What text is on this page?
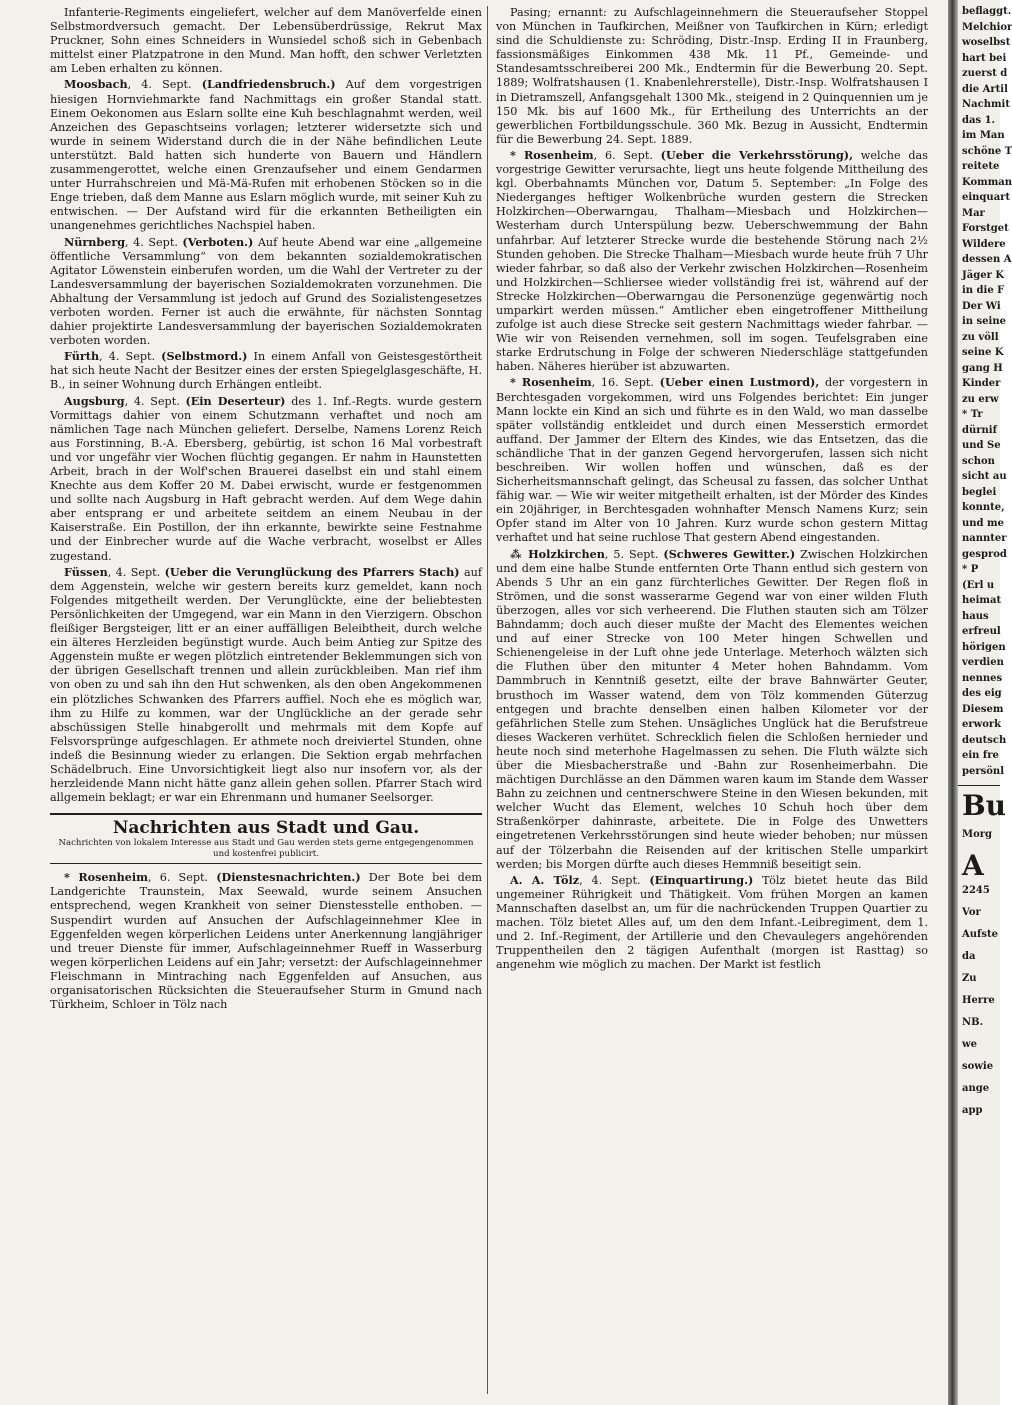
Infanterie-Regiments eingeliefert, welcher auf dem Manöverfelde einen Selbstmordversuch gemacht. Der Lebensüberdrüssige, Rekrut Max Pruckner, Sohn eines Schneiders in Wunsiedel schoß sich in Gebenbach mittelst einer Platzpatrone in den Mund. Man hofft, den schwer Verletzten am Leben erhalten zu können.

Moosbach, 4. Sept. (Landfriedensbruch.) Auf dem vorgestrigen hiesigen Hornviehmarkte fand Nachmittags ein großer Standal statt. Einem Oekonomen aus Eslarn sollte eine Kuh beschlagnahmt werden, weil Anzeichen des Gepaschtseins vorlagen; letzterer widersetzte sich und wurde in seinem Widerstand durch die in der Nähe befindlichen Leute unterstützt. Bald hatten sich hunderte von Bauern und Händlern zusammengerottet, welche einen Grenzaufseher und einem Gendarmen unter Hurrahschreien und Mä-Mä-Rufen mit erhobenen Stöcken so in die Enge trieben, daß dem Manne aus Eslarn möglich wurde, mit seiner Kuh zu entwischen. — Der Aufstand wird für die erkannten Betheiligten ein unangenehmes gerichtliches Nachspiel haben.

Nürnberg, 4. Sept. (Verboten.) Auf heute Abend war eine „allgemeine öffentliche Versammlung“ von dem bekannten sozialdemokratischen Agitator Löwenstein einberufen worden, um die Wahl der Vertreter zu der Landesversammlung der bayerischen Sozialdemokraten vorzunehmen. Die Abhaltung der Versammlung ist jedoch auf Grund des Sozialistengesetzes verboten worden. Ferner ist auch die erwähnte, für nächsten Sonntag dahier projektirte Landesversammlung der bayerischen Sozialdemokraten verboten worden.

Fürth, 4. Sept. (Selbstmord.) In einem Anfall von Geistesgestörtheit hat sich heute Nacht der Besitzer eines der ersten Spiegelglasgeschäfte, H. B., in seiner Wohnung durch Erhängen entleibt.

Augsburg, 4. Sept. (Ein Deserteur) des 1. Inf.-Regts. wurde gestern Vormittags dahier von einem Schutzmann verhaftet und noch am nämlichen Tage nach München geliefert. Derselbe, Namens Lorenz Reich aus Forstinning, B.-A. Ebersberg, gebürtig, ist schon 16 Mal vorbestraft und vor ungefähr vier Wochen flüchtig gegangen. Er nahm in Haunstetten Arbeit, brach in der Wolf'schen Brauerei daselbst ein und stahl einem Knechte aus dem Koffer 20 M. Dabei erwischt, wurde er festgenommen und sollte nach Augsburg in Haft gebracht werden. Auf dem Wege dahin aber entsprang er und arbeitete seitdem an einem Neubau in der Kaiserstraße. Ein Postillon, der ihn erkannte, bewirkte seine Festnahme und der Einbrecher wurde auf die Wache verbracht, woselbst er Alles zugestand.

Füssen, 4. Sept. (Ueber die Verunglückung des Pfarrers Stach) auf dem Aggenstein, welche wir gestern bereits kurz gemeldet, kann noch Folgendes mitgetheilt werden. Der Verunglückte, eine der beliebtesten Persönlichkeiten der Umgegend, war ein Mann in den Vierzigern. Obschon fleißiger Bergsteiger, litt er an einer auffälligen Beleibtheit, durch welche ein älteres Herzleiden begünstigt wurde. Auch beim Antieg zur Spitze des Aggenstein mußte er wegen plötzlich eintretender Beklemmungen sich von der übrigen Gesellschaft trennen und allein zurückbleiben. Man rief ihm von oben zu und sah ihn den Hut schwenken, als den oben Angekommenen ein plötzliches Schwanken des Pfarrers auffiel. Noch ehe es möglich war, ihm zu Hilfe zu kommen, war der Unglückliche an der gerade sehr abschüssigen Stelle hinabgerollt und mehrmals mit dem Kopfe auf Felsvorsprünge aufgeschlagen. Er athmete noch dreiviertel Stunden, ohne indeß die Besinnung wieder zu erlangen. Die Sektion ergab mehrfachen Schädelbruch. Eine Unvorsichtigkeit liegt also nur insofern vor, als der herzleidende Mann nicht hätte ganz allein gehen sollen. Pfarrer Stach wird allgemein beklagt; er war ein Ehrenmann und humaner Seelsorger.

Nachrichten aus Stadt und Gau.
Nachrichten von lokalem Interesse aus Stadt und Gau werden stets gerne entgegengenommen und kostenfrei publicirt.

* Rosenheim, 6. Sept. (Dienstesnachrichten.) Der Bote bei dem Landgerichte Traunstein, Max Seewald, wurde seinem Ansuchen entsprechend, wegen Krankheit von seiner Dienstesstelle enthoben. — Suspendirt wurden auf Ansuchen der Aufschlageinnehmer Klee in Eggenfelden wegen körperlichen Leidens unter Anerkennung langjähriger und treuer Dienste für immer, Aufschlageinnehmer Rueff in Wasserburg wegen körperlichen Leidens auf ein Jahr; versetzt: der Aufschlageinnehmer Fleischmann in Mintraching nach Eggenfelden auf Ansuchen, aus organisatorischen Rücksichten die Steueraufseher Sturm in Gmund nach Türkheim, Schloer in Tölz nach

Pasing; ernannt: zu Aufschlageinnehmern die Steueraufseher Stoppel von München in Taufkirchen, Meißner von Taufkirchen in Kürn; erledigt sind die Schuldienste zu: Schröding, Distr.-Insp. Erding II in Fraunberg, fassionsmäßiges Einkommen 438 Mk. 11 Pf., Gemeinde- und Standesamtsschreiberei 200 Mk., Endtermin für die Bewerbung 20. Sept. 1889; Wolfratshausen (1. Knabenlehrerstelle), Distr.-Insp. Wolfratshausen I in Dietramszell, Anfangsgehalt 1300 Mk., steigend in 2 Quinquennien um je 150 Mk. bis auf 1600 Mk., für Ertheilung des Unterrichts an der gewerblichen Fortbildungsschule. 360 Mk. Bezug in Aussicht, Endtermin für die Bewerbung 24. Sept. 1889.

* Rosenheim, 6. Sept. (Ueber die Verkehrsstörung), welche das vorgestrige Gewitter verursachte, liegt uns heute folgende Mittheilung des kgl. Oberbahnamts München vor, Datum 5. September: „In Folge des Niederganges heftiger Wolkenbrüche wurden gestern die Strecken Holzkirchen—Oberwarngau, Thalham—Miesbach und Holzkirchen—Westerham durch Unterspülung bezw. Ueberschwemmung der Bahn unfahrbar. Auf letzterer Strecke wurde die bestehende Störung nach 2½ Stunden gehoben. Die Strecke Thalham—Miesbach wurde heute früh 7 Uhr wieder fahrbar, so daß also der Verkehr zwischen Holzkirchen—Rosenheim und Holzkirchen—Schliersee wieder vollständig frei ist, während auf der Strecke Holzkirchen—Oberwarngau die Personenzüge gegenwärtig noch umparkirt werden müssen.“ Amtlicher eben eingetroffener Mittheilung zufolge ist auch diese Strecke seit gestern Nachmittags wieder fahrbar. — Wie wir von Reisenden vernehmen, soll im sogen. Teufelsgraben eine starke Erdrutschung in Folge der schweren Niederschläge stattgefunden haben. Näheres hierüber ist abzuwarten.

* Rosenheim, 16. Sept. (Ueber einen Lustmord), der vorgestern in Berchtesgaden vorgekommen, wird uns Folgendes berichtet: Ein junger Mann lockte ein Kind an sich und führte es in den Wald, wo man dasselbe später vollständig entkleidet und durch einen Messerstich ermordet auffand. Der Jammer der Eltern des Kindes, wie das Entsetzen, das die schändliche That in der ganzen Gegend hervorgerufen, lassen sich nicht beschreiben. Wir wollen hoffen und wünschen, daß es der Sicherheitsmannschaft gelingt, das Scheusal zu fassen, das solcher Unthat fähig war. — Wie wir weiter mitgetheilt erhalten, ist der Mörder des Kindes ein 20jähriger, in Berchtesgaden wohnhafter Mensch Namens Kurz; sein Opfer stand im Alter von 10 Jahren. Kurz wurde schon gestern Mittag verhaftet und hat seine ruchlose That gestern Abend eingestanden.

⁂ Holzkirchen, 5. Sept. (Schweres Gewitter.) Zwischen Holzkirchen und dem eine halbe Stunde entfernten Orte Thann entlud sich gestern von Abends 5 Uhr an ein ganz fürchterliches Gewitter. Der Regen floß in Strömen, und die sonst wasserarme Gegend war von einer wilden Fluth überzogen, alles vor sich verheerend. Die Fluthen stauten sich am Tölzer Bahndamm; doch auch dieser mußte der Macht des Elementes weichen und auf einer Strecke von 100 Meter hingen Schwellen und Schienengeleise in der Luft ohne jede Unterlage. Meterhoch wälzten sich die Fluthen über den mitunter 4 Meter hohen Bahndamm. Vom Dammbruch in Kenntniß gesetzt, eilte der brave Bahnwärter Geuter, brusthoch im Wasser watend, dem von Tölz kommenden Güterzug entgegen und brachte denselben einen halben Kilometer vor der gefährlichen Stelle zum Stehen. Unsägliches Unglück hat die Berufstreue dieses Wackeren verhütet. Schrecklich fielen die Schloßen hernieder und heute noch sind meterhohe Hagelmassen zu sehen. Die Fluth wälzte sich über die Miesbacherstraße und -Bahn zur Rosenheimerbahn. Die mächtigen Durchlässe an den Dämmen waren kaum im Stande dem Wasser Bahn zu zeichnen und centnerschwere Steine in den Wiesen bekunden, mit welcher Wucht das Element, welches 10 Schuh hoch über dem Straßenkörper dahinraste, arbeitete. Die in Folge des Unwetters eingetretenen Verkehrsstörungen sind heute wieder behoben; nur müssen auf der Tölzerbahn die Reisenden auf der kritischen Stelle umparkirt werden; bis Morgen dürfte auch dieses Hemmniß beseitigt sein.

A. A. Tölz, 4. Sept. (Einquartirung.) Tölz bietet heute das Bild ungemeiner Rührigkeit und Thätigkeit. Vom frühen Morgen an kamen Mannschaften daselbst an, um für die nachrückenden Truppen Quartier zu machen. Tölz bietet Alles auf, um den dem Infant.-Leibregiment, dem 1. und 2. Inf.-Regiment, der Artillerie und den Chevaulegers angehörenden Truppentheilen den 2 tägigen Aufenthalt (morgen ist Rasttag) so angenehm wie möglich zu machen. Der Markt ist festlich

beflaggt.
Melchior
woselbst
hart bei
zuerst d
die Artil
Nachmit
das 1.
im Man
schöne T
reitete
Komman
einquart
Mar
Forstget
Wildere
dessen A
Jäger K
in die F
Der Wi
in seine
zu völl
seine K
gang H
Kinder
zu erw
* Tr
dürnif
und Se
schon
sicht au
beglei
konnte,
und me
nannter
gesprod
* P
(Erl u
heimat
haus
erfreul
hörigen
verdien
nennes
des eig
Diesem
erwork
deutsch
ein fre
persönl
Bu
Morg
A
2245
Vor
Aufste
da
Zu
Herre
NB.
we
sowie
ange
app
